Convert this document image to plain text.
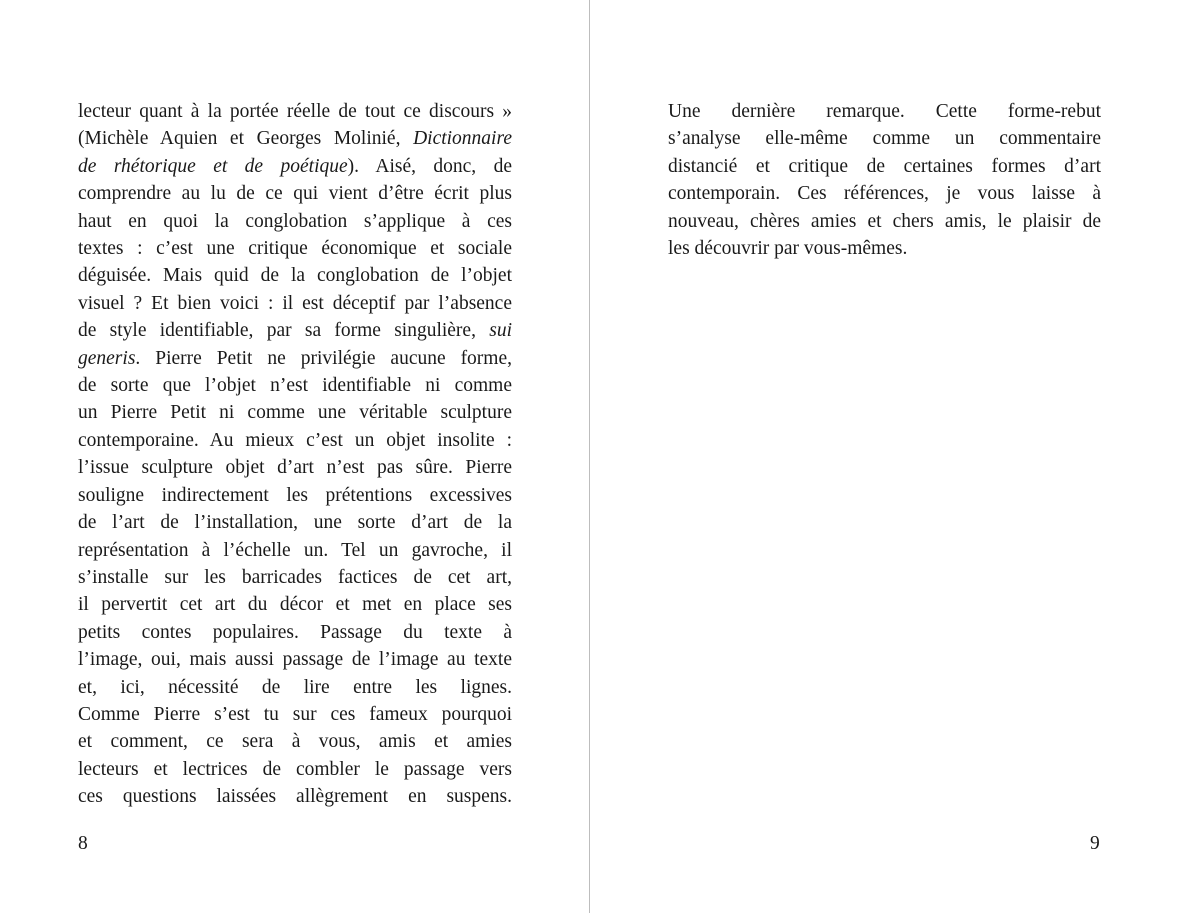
lecteur quant à la portée réelle de tout ce discours »
(Michèle Aquien et Georges Molinié, Dictionnaire
de rhétorique et de poétique). Aisé, donc, de
comprendre au lu de ce qui vient d’être écrit plus
haut en quoi la conglobation s’applique à ces
textes : c’est une critique économique et sociale
déguisée. Mais quid de la conglobation de l’objet
visuel ? Et bien voici : il est déceptif par l’absence
de style identifiable, par sa forme singulière, sui
generis. Pierre Petit ne privilégie aucune forme,
de sorte que l’objet n’est identifiable ni comme
un Pierre Petit ni comme une véritable sculpture
contemporaine. Au mieux c’est un objet insolite :
l’issue sculpture objet d’art n’est pas sûre. Pierre
souligne indirectement les prétentions excessives
de l’art de l’installation, une sorte d’art de la
représentation à l’échelle un. Tel un gavroche, il
s’installe sur les barricades factices de cet art,
il pervertit cet art du décor et met en place ses
petits contes populaires. Passage du texte à
l’image, oui, mais aussi passage de l’image au texte
et, ici, nécessité de lire entre les lignes.
Comme Pierre s’est tu sur ces fameux pourquoi
et comment, ce sera à vous, amis et amies
lecteurs et lectrices de combler le passage vers
ces questions laissées allègrement en suspens.
8
Une dernière remarque. Cette forme-rebut
s’analyse elle-même comme un commentaire
distancié et critique de certaines formes d’art
contemporain. Ces références, je vous laisse à
nouveau, chères amies et chers amis, le plaisir de
les découvrir par vous-mêmes.
9
